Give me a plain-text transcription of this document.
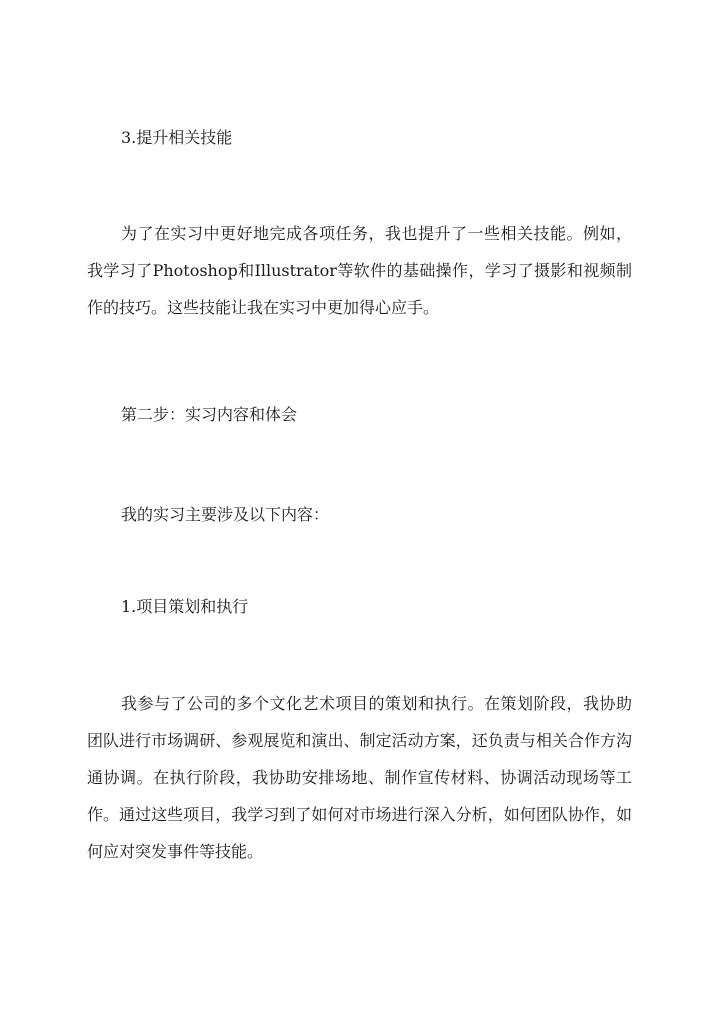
3.提升相关技能

为了在实习中更好地完成各项任务，我也提升了一些相关技能。例如，我学习了Photoshop和Illustrator等软件的基础操作，学习了摄影和视频制作的技巧。这些技能让我在实习中更加得心应手。

第二步：实习内容和体会

我的实习主要涉及以下内容：

1.项目策划和执行

我参与了公司的多个文化艺术项目的策划和执行。在策划阶段，我协助团队进行市场调研、参观展览和演出、制定活动方案，还负责与相关合作方沟通协调。在执行阶段，我协助安排场地、制作宣传材料、协调活动现场等工作。通过这些项目，我学习到了如何对市场进行深入分析，如何团队协作，如何应对突发事件等技能。
